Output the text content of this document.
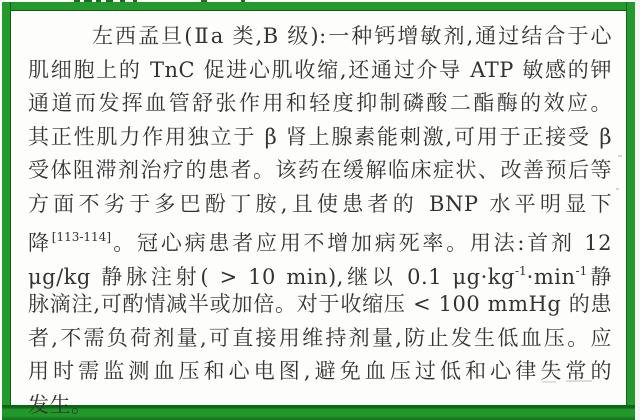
左西孟旦(Ⅱa 类,B 级):一种钙增敏剂,通过结合于心
肌细胞上的 TnC 促进心肌收缩,还通过介导 ATP 敏感的钾
通道而发挥血管舒张作用和轻度抑制磷酸二酯酶的效应。
其正性肌力作用独立于 β 肾上腺素能刺激,可用于正接受 β
受体阻滞剂治疗的患者。该药在缓解临床症状、改善预后等
方面不劣于多巴酚丁胺,且使患者的 BNP 水平明显下
降[113-114]。冠心病患者应用不增加病死率。用法:首剂 12
μg/kg 静脉注射( > 10 min),继以 0.1 $\mu g\cdot kg^{-1}\cdot\min^{-1}$静
脉滴注,可酌情减半或加倍。对于收缩压 < 100 mmHg 的患
者,不需负荷剂量,可直接用维持剂量,防止发生低血压。应
用时需监测血压和心电图,避免血压过低和心律失常的
发生。
